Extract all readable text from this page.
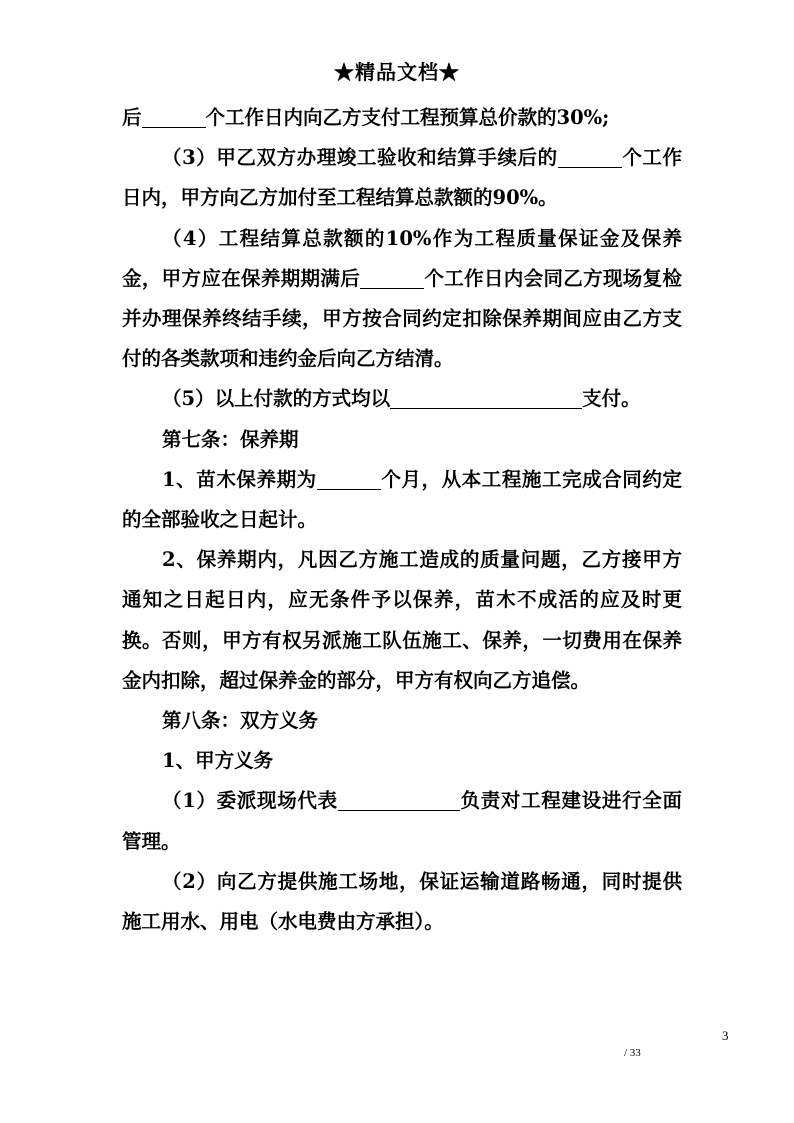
★精品文档★

后	个工作日内向乙方支付工程预算总价款的30%;

（3）甲乙双方办理竣工验收和结算手续后的	个工作日内，甲方向乙方加付至工程结算总款额的90%。

（4）工程结算总款额的10%作为工程质量保证金及保养金，甲方应在保养期期满后	个工作日内会同乙方现场复检并办理保养终结手续，甲方按合同约定扣除保养期间应由乙方支付的各类款项和违约金后向乙方结清。

（5）以上付款的方式均以	支付。

第七条：保养期

1、苗木保养期为	个月，从本工程施工完成合同约定的全部验收之日起计。

2、保养期内，凡因乙方施工造成的质量问题，乙方接甲方通知之日起日内，应无条件予以保养，苗木不成活的应及时更换。否则，甲方有权另派施工队伍施工、保养，一切费用在保养金内扣除，超过保养金的部分，甲方有权向乙方追偿。

第八条：双方义务

1、甲方义务

（1）委派现场代表	负责对工程建设进行全面管理。

（2）向乙方提供施工场地，保证运输道路畅通，同时提供施工用水、用电（水电费由方承担）。

3
/ 33
